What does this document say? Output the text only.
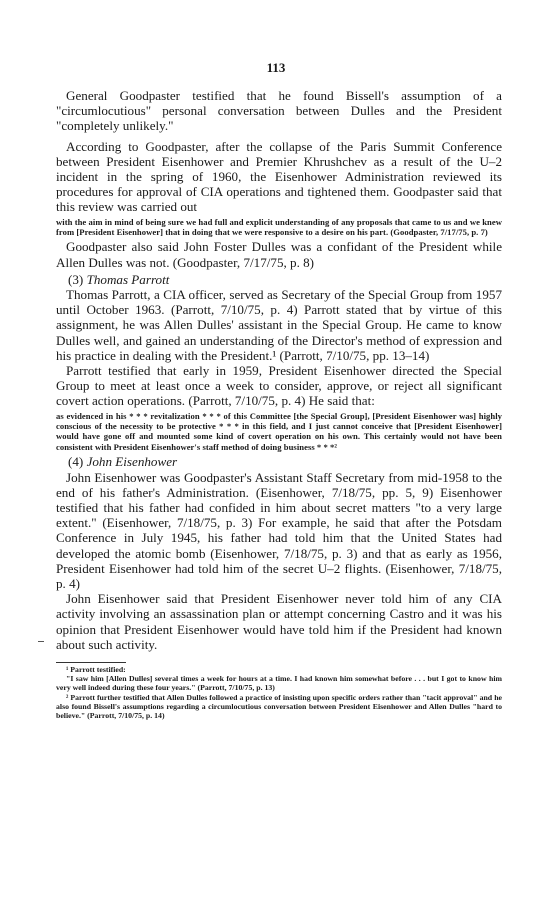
113

General Goodpaster testified that he found Bissell's assumption of a "circumlocutious" personal conversation between Dulles and the President "completely unlikely."

According to Goodpaster, after the collapse of the Paris Summit Conference between President Eisenhower and Premier Khrushchev as a result of the U–2 incident in the spring of 1960, the Eisenhower Administration reviewed its procedures for approval of CIA operations and tightened them. Goodpaster said that this review was carried out

with the aim in mind of being sure we had full and explicit understanding of any proposals that came to us and we knew from [President Eisenhower] that in doing that we were responsive to a desire on his part. (Goodpaster, 7/17/75, p. 7)

Goodpaster also said John Foster Dulles was a confidant of the President while Allen Dulles was not. (Goodpaster, 7/17/75, p. 8)

(3) Thomas Parrott

Thomas Parrott, a CIA officer, served as Secretary of the Special Group from 1957 until October 1963. (Parrott, 7/10/75, p. 4) Parrott stated that by virtue of this assignment, he was Allen Dulles' assistant in the Special Group. He came to know Dulles well, and gained an understanding of the Director's method of expression and his practice in dealing with the President.¹ (Parrott, 7/10/75, pp. 13–14)

Parrott testified that early in 1959, President Eisenhower directed the Special Group to meet at least once a week to consider, approve, or reject all significant covert action operations. (Parrott, 7/10/75, p. 4) He said that:

as evidenced in his * * * revitalization * * * of this Committee [the Special Group], [President Eisenhower was] highly conscious of the necessity to be protective * * * in this field, and I just cannot conceive that [President Eisenhower] would have gone off and mounted some kind of covert operation on his own. This certainly would not have been consistent with President Eisenhower's staff method of doing business * * *²

(4) John Eisenhower

John Eisenhower was Goodpaster's Assistant Staff Secretary from mid-1958 to the end of his father's Administration. (Eisenhower, 7/18/75, pp. 5, 9) Eisenhower testified that his father had confided in him about secret matters "to a very large extent." (Eisenhower, 7/18/75, p. 3) For example, he said that after the Potsdam Conference in July 1945, his father had told him that the United States had developed the atomic bomb (Eisenhower, 7/18/75, p. 3) and that as early as 1956, President Eisenhower had told him of the secret U–2 flights. (Eisenhower, 7/18/75, p. 4)

John Eisenhower said that President Eisenhower never told him of any CIA activity involving an assassination plan or attempt concerning Castro and it was his opinion that President Eisenhower would have told him if the President had known about such activity.

¹ Parrott testified:

"I saw him [Allen Dulles] several times a week for hours at a time. I had known him somewhat before . . . but I got to know him very well indeed during these four years." (Parrott, 7/10/75, p. 13)

² Parrott further testified that Allen Dulles followed a practice of insisting upon specific orders rather than "tacit approval" and he also found Bissell's assumptions regarding a circumlocutious conversation between President Eisenhower and Allen Dulles "hard to believe." (Parrott, 7/10/75, p. 14)
